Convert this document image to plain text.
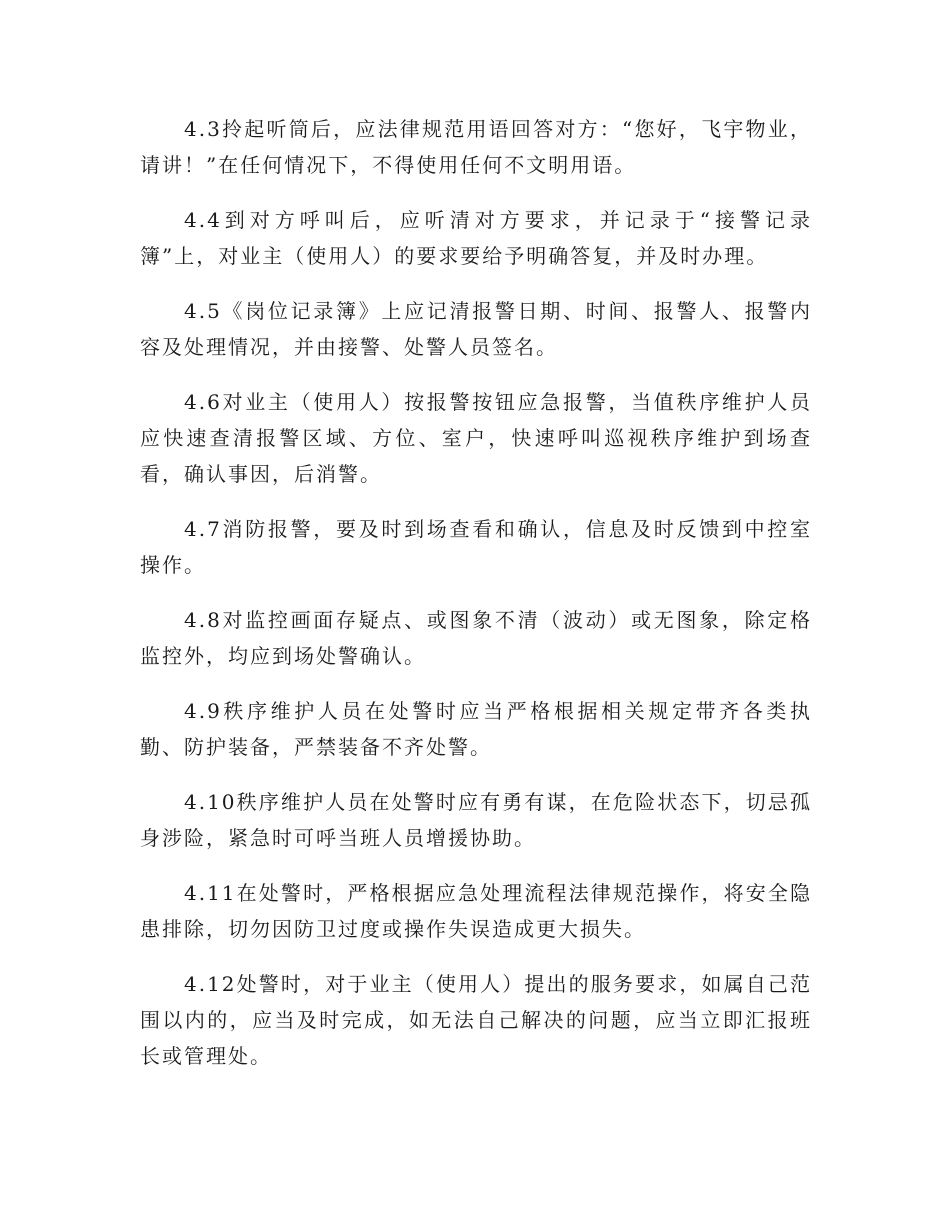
4.3拎起听筒后，应法律规范用语回答对方：“您好，飞宇物业，请讲！”在任何情况下，不得使用任何不文明用语。

4.4到对方呼叫后，应听清对方要求，并记录于“接警记录簿”上，对业主（使用人）的要求要给予明确答复，并及时办理。

4.5《岗位记录簿》上应记清报警日期、时间、报警人、报警内容及处理情况，并由接警、处警人员签名。

4.6对业主（使用人）按报警按钮应急报警，当值秩序维护人员应快速查清报警区域、方位、室户，快速呼叫巡视秩序维护到场查看，确认事因，后消警。

4.7消防报警，要及时到场查看和确认，信息及时反馈到中控室操作。

4.8对监控画面存疑点、或图象不清（波动）或无图象，除定格监控外，均应到场处警确认。

4.9秩序维护人员在处警时应当严格根据相关规定带齐各类执勤、防护装备，严禁装备不齐处警。

4.10秩序维护人员在处警时应有勇有谋，在危险状态下，切忌孤身涉险，紧急时可呼当班人员增援协助。

4.11在处警时，严格根据应急处理流程法律规范操作，将安全隐患排除，切勿因防卫过度或操作失误造成更大损失。

4.12处警时，对于业主（使用人）提出的服务要求，如属自己范围以内的，应当及时完成，如无法自己解决的问题，应当立即汇报班长或管理处。
